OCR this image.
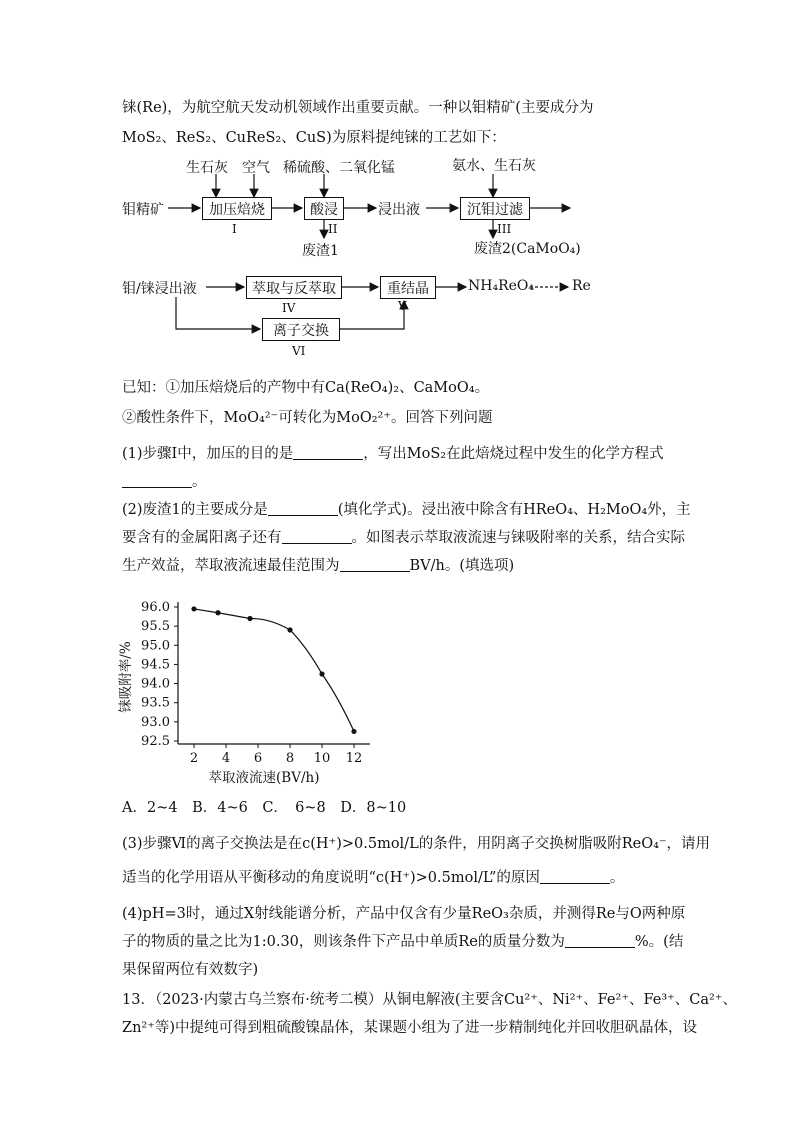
铼(Re)，为航空航天发动机领域作出重要贡献。一种以钼精矿(主要成分为
MoS₂、ReS₂、CuReS₂、CuS)为原料提纯铼的工艺如下：
生石灰 空气 稀硫酸、二氧化锰	氨水、生石灰
钼精矿	加压焙烧	酸浸	浸出液	沉钼过滤
I	II	III
废渣1	废渣2(CaMoO₄)
钼/铼浸出液	萃取与反萃取	重结晶	NH₄ReO₄	Re
IV	V
离子交换
VI
已知：①加压焙烧后的产物中有Ca(ReO₄)₂、CaMoO₄。
②酸性条件下，MoO₄²⁻可转化为MoO₂²⁺。回答下列问题
(1)步骤Ⅰ中，加压的目的是	，写出MoS₂在此焙烧过程中发生的化学方程式
。
(2)废渣1的主要成分是	(填化学式)。浸出液中除含有HReO₄、H₂MoO₄外，主
要含有的金属阳离子还有	。如图表示萃取液流速与铼吸附率的关系，结合实际
生产效益，萃取液流速最佳范围为	BV/h。(填选项)
92.5
93.0
93.5
94.0
94.5
95.0
95.5
96.0
2 4 6 8 10 12
萃取液流速(BV/h)
铼吸附率/%
A．2~4　B．4~6　C．　6~8　D．8~10
(3)步骤Ⅵ的离子交换法是在c(H⁺)>0.5mol/L的条件，用阴离子交换树脂吸附ReO₄⁻，请用
适当的化学用语从平衡移动的角度说明“c(H⁺)>0.5mol/L”的原因	。
(4)pH=3时，通过X射线能谱分析，产品中仅含有少量ReO₃杂质，并测得Re与O两种原
子的物质的量之比为1:0.30，则该条件下产品中单质Re的质量分数为	%。(结
果保留两位有效数字)
13．（2023·内蒙古乌兰察布·统考二模）从铜电解液(主要含Cu²⁺、Ni²⁺、Fe²⁺、Fe³⁺、Ca²⁺、
Zn²⁺等)中提纯可得到粗硫酸镍晶体，某课题小组为了进一步精制纯化并回收胆矾晶体，设
